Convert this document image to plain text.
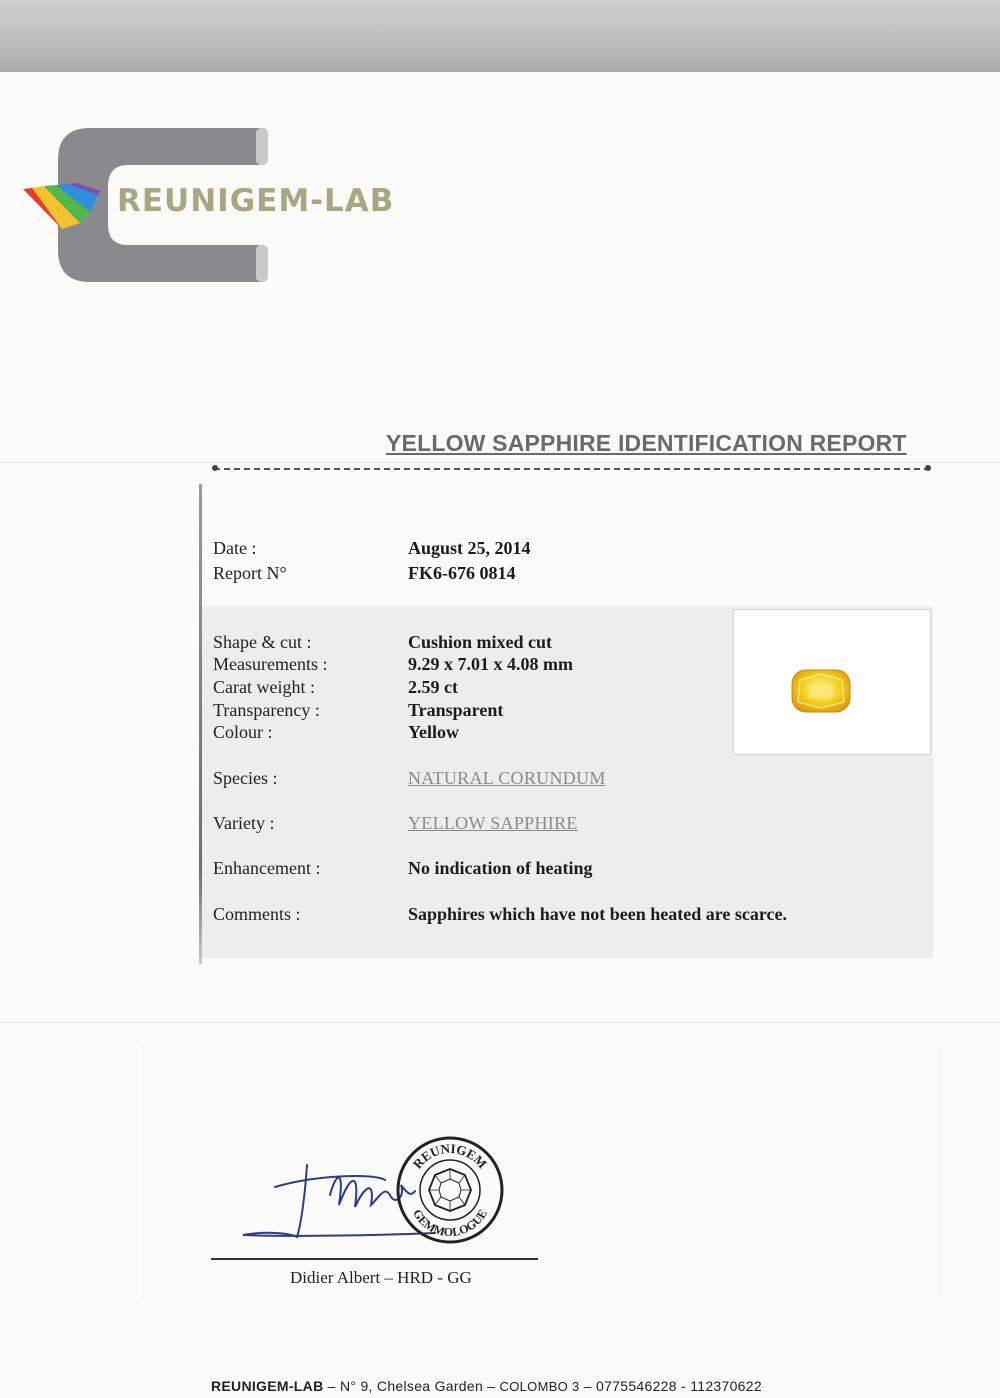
REUNIGEM-LAB
YELLOW SAPPHIRE IDENTIFICATION REPORT
Date :	August 25, 2014
Report N°	FK6-676 0814
Shape & cut :	Cushion mixed cut
Measurements :	9.29 x 7.01 x 4.08 mm
Carat weight :	2.59 ct
Transparency :	Transparent
Colour :	Yellow
Species :	NATURAL CORUNDUM
Variety :	YELLOW SAPPHIRE
Enhancement :	No indication of heating
Comments :	Sapphires which have not been heated are scarce.
REUNIGEM
GEMMOLOGUE
Didier Albert – HRD - GG
REUNIGEM-LAB – N° 9, Chelsea Garden – COLOMBO 3 – 0775546228 - 112370622
